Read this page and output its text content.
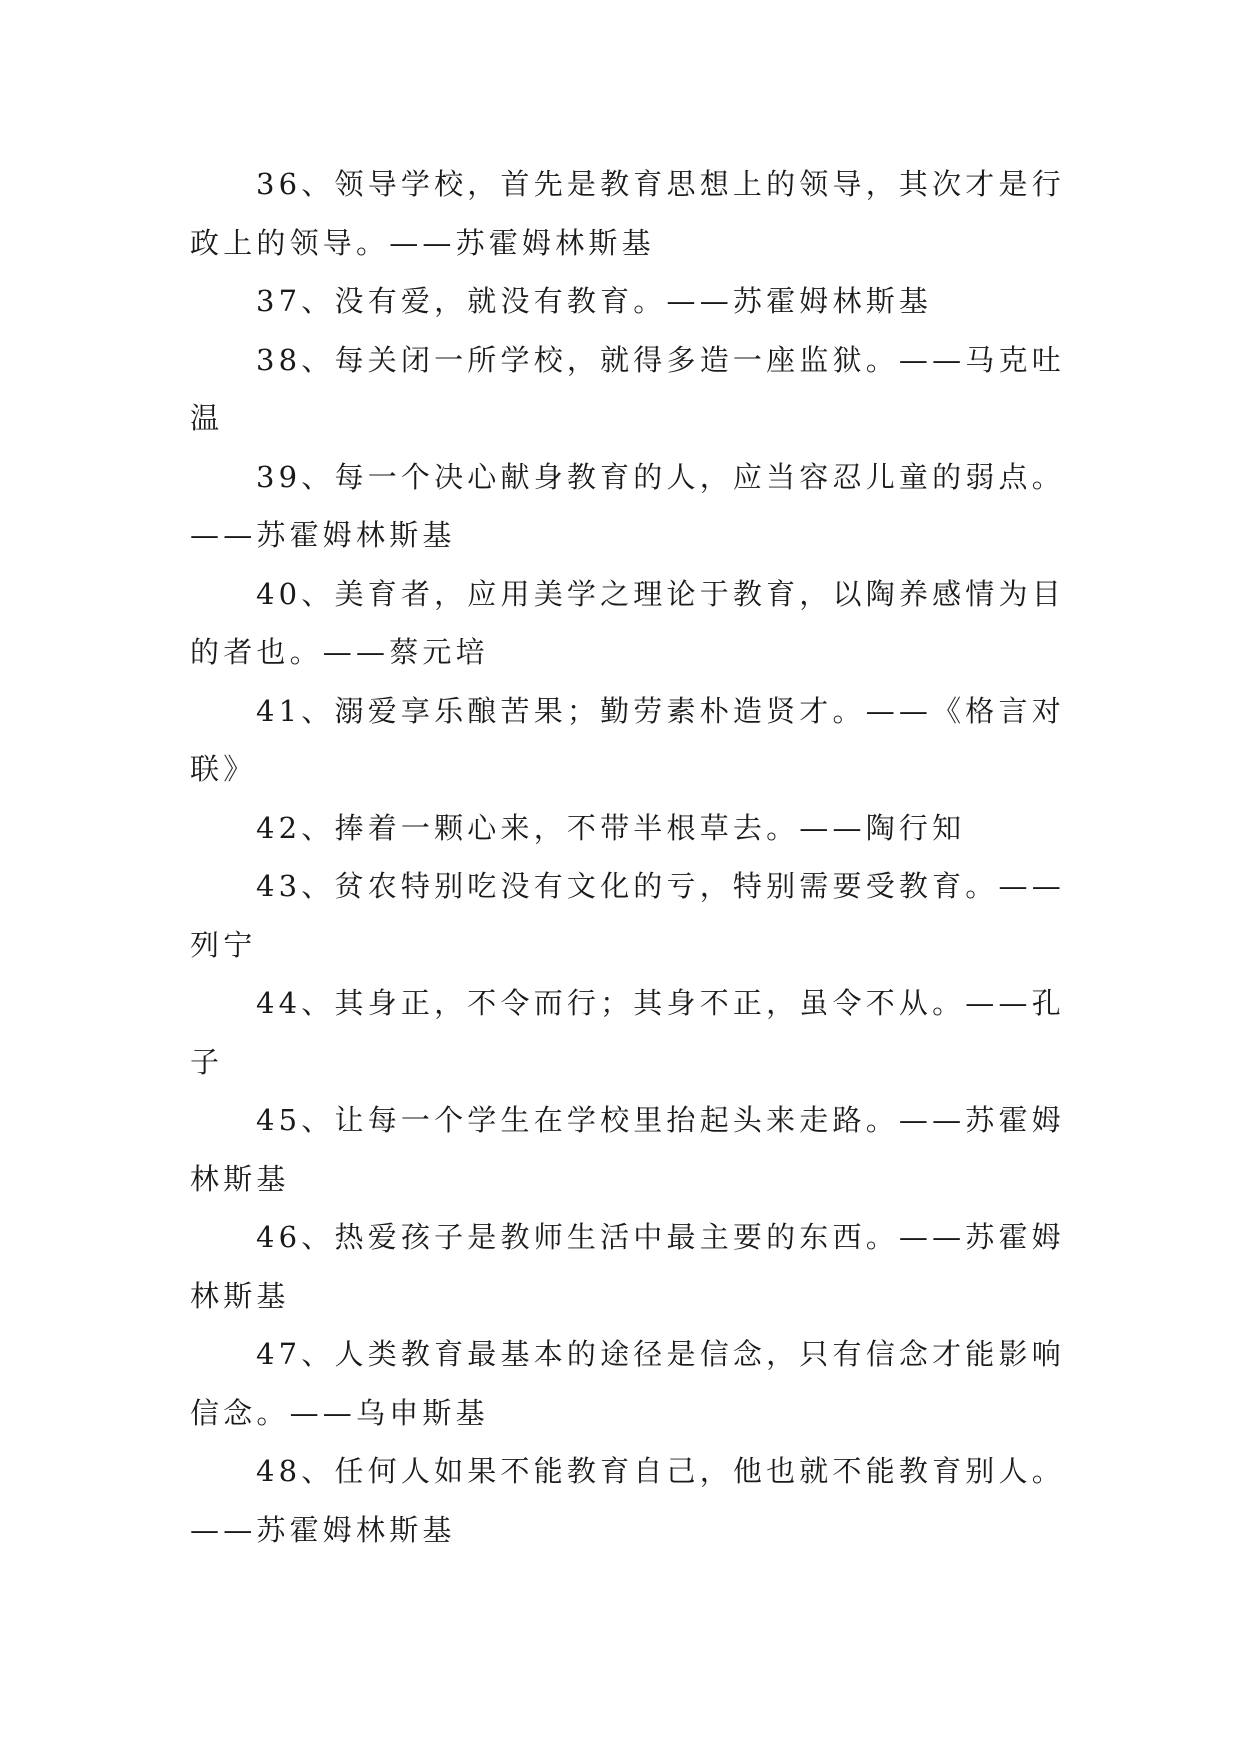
36、领导学校，首先是教育思想上的领导，其次才是行政上的领导。——苏霍姆林斯基

37、没有爱，就没有教育。——苏霍姆林斯基

38、每关闭一所学校，就得多造一座监狱。——马克吐温

39、每一个决心献身教育的人，应当容忍儿童的弱点。——苏霍姆林斯基

40、美育者，应用美学之理论于教育，以陶养感情为目的者也。——蔡元培

41、溺爱享乐酿苦果；勤劳素朴造贤才。——《格言对联》

42、捧着一颗心来，不带半根草去。——陶行知

43、贫农特别吃没有文化的亏，特别需要受教育。——列宁

44、其身正，不令而行；其身不正，虽令不从。——孔子

45、让每一个学生在学校里抬起头来走路。——苏霍姆林斯基

46、热爱孩子是教师生活中最主要的东西。——苏霍姆林斯基

47、人类教育最基本的途径是信念，只有信念才能影响信念。——乌申斯基

48、任何人如果不能教育自己，他也就不能教育别人。——苏霍姆林斯基
